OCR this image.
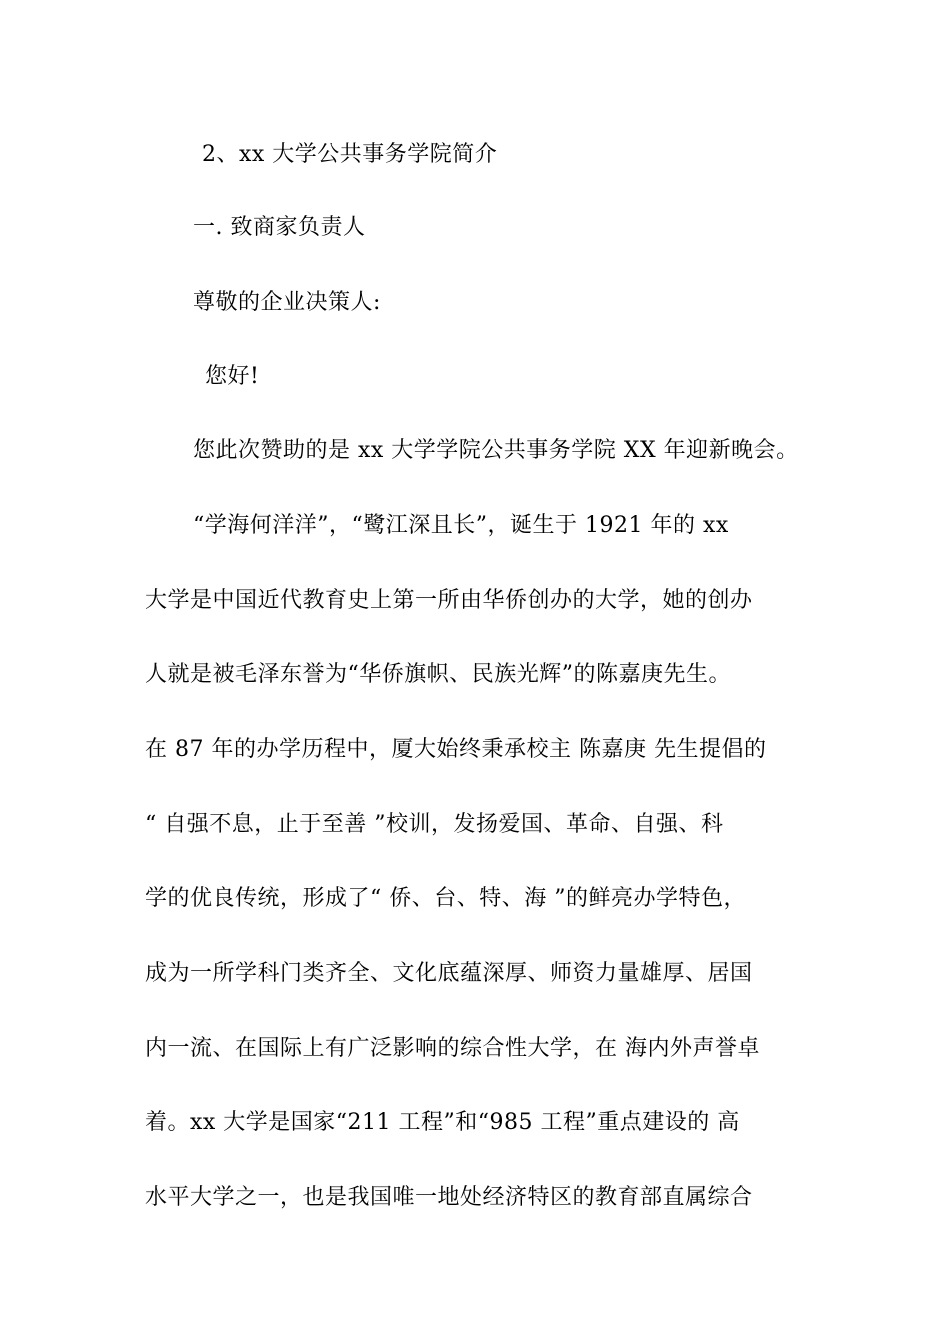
2、xx 大学公共事务学院简介
一. 致商家负责人
尊敬的企业决策人:
您好!
您此次赞助的是 xx 大学学院公共事务学院 XX 年迎新晚会。
“学海何洋洋”，“鹭江深且长”，诞生于 1921 年的 xx
大学是中国近代教育史上第一所由华侨创办的大学，她的创办
人就是被毛泽东誉为“华侨旗帜、民族光辉”的陈嘉庚先生。
在 87 年的办学历程中，厦大始终秉承校主 陈嘉庚 先生提倡的
“ 自强不息，止于至善 ”校训，发扬爱国、革命、自强、科
学的优良传统，形成了“ 侨、台、特、海 ”的鲜亮办学特色，
成为一所学科门类齐全、文化底蕴深厚、师资力量雄厚、居国
内一流、在国际上有广泛影响的综合性大学，在 海内外声誉卓
着。xx 大学是国家“211 工程”和“985 工程”重点建设的 高
水平大学之一，也是我国唯一地处经济特区的教育部直属综合
